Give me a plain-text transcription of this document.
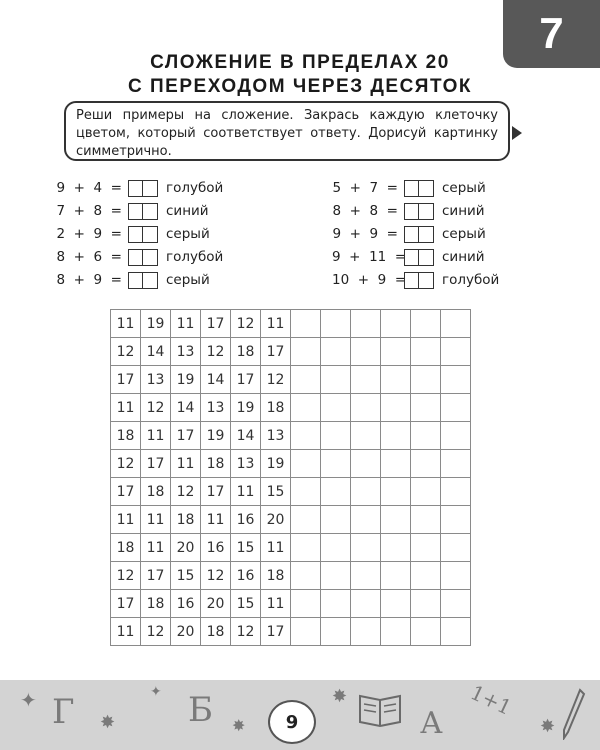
7
СЛОЖЕНИЕ В ПРЕДЕЛАХ 20
С ПЕРЕХОДОМ ЧЕРЕЗ ДЕСЯТОК
Реши примеры на сложение. Закрась каждую клеточку цветом, который соответствует ответу. Дорисуй картинку симметрично.
9  +  4  =	голубой
7  +  8  =	синий
2  +  9  =	серый
8  +  6  =	голубой
8  +  9  =	серый
5  +  7  =	серый
8  +  8  =	синий
9  +  9  =	серый
9  +  11  =	синий
10  +  9  =	голубой
11	19	11	17	12	11						
12	14	13	12	18	17						
17	13	19	14	17	12						
11	12	14	13	19	18						
18	11	17	19	14	13						
12	17	11	18	13	19						
17	18	12	17	11	15						
11	11	18	11	16	20						
18	11	20	16	15	11						
12	17	15	12	16	18						
17	18	16	20	15	11						
11	12	20	18	12	17						
Г	Б	А
1+1
✦
✸
✦
✸
✸
✸
9
